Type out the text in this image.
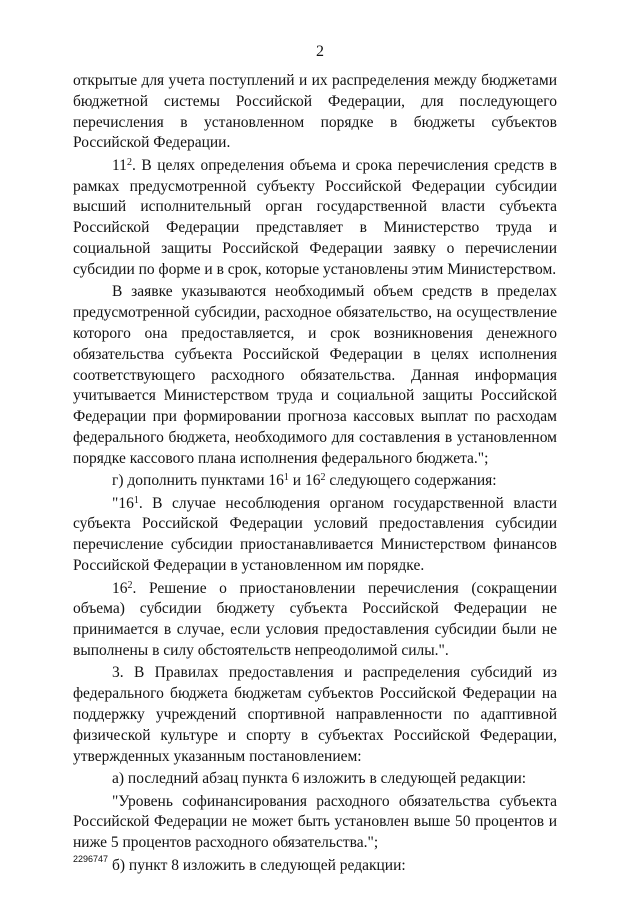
2

открытые для учета поступлений и их распределения между бюджетами бюджетной системы Российской Федерации, для последующего перечисления в установленном порядке в бюджеты субъектов Российской Федерации.

$11^2$. В целях определения объема и срока перечисления средств в рамках предусмотренной субъекту Российской Федерации субсидии высший исполнительный орган государственной власти субъекта Российской Федерации представляет в Министерство труда и социальной защиты Российской Федерации заявку о перечислении субсидии по форме и в срок, которые установлены этим Министерством.

В заявке указываются необходимый объем средств в пределах предусмотренной субсидии, расходное обязательство, на осуществление которого она предоставляется, и срок возникновения денежного обязательства субъекта Российской Федерации в целях исполнения соответствующего расходного обязательства. Данная информация учитывается Министерством труда и социальной защиты Российской Федерации при формировании прогноза кассовых выплат по расходам федерального бюджета, необходимого для составления в установленном порядке кассового плана исполнения федерального бюджета.";

г) дополнить пунктами $16^1$ и $16^2$ следующего содержания:

"$16^1$. В случае несоблюдения органом государственной власти субъекта Российской Федерации условий предоставления субсидии перечисление субсидии приостанавливается Министерством финансов Российской Федерации в установленном им порядке.

$16^2$. Решение о приостановлении перечисления (сокращении объема) субсидии бюджету субъекта Российской Федерации не принимается в случае, если условия предоставления субсидии были не выполнены в силу обстоятельств непреодолимой силы.".

3. В Правилах предоставления и распределения субсидий из федерального бюджета бюджетам субъектов Российской Федерации на поддержку учреждений спортивной направленности по адаптивной физической культуре и спорту в субъектах Российской Федерации, утвержденных указанным постановлением:

а) последний абзац пункта 6 изложить в следующей редакции:

"Уровень софинансирования расходного обязательства субъекта Российской Федерации не может быть установлен выше 50 процентов и ниже 5 процентов расходного обязательства.";

б) пункт 8 изложить в следующей редакции:

2296747
